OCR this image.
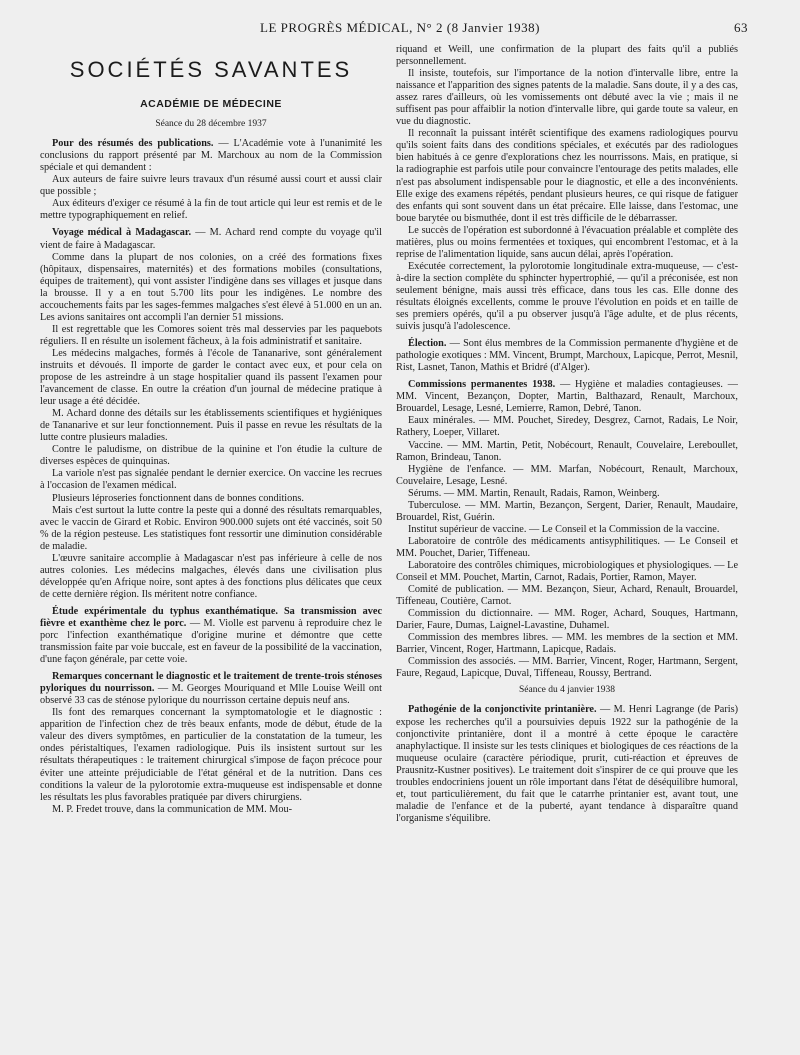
LE PROGRÈS MÉDICAL, N° 2 (8 Janvier 1938)	63
SOCIÉTÉS SAVANTES
ACADÉMIE DE MÉDECINE
Séance du 28 décembre 1937

Pour des résumés des publications. — L'Académie vote à l'unanimité les conclusions du rapport présenté par M. Marchoux au nom de la Commission spéciale et qui demandent :

Aux auteurs de faire suivre leurs travaux d'un résumé aussi court et aussi clair que possible ;

Aux éditeurs d'exiger ce résumé à la fin de tout article qui leur est remis et de le mettre typographiquement en relief.

Voyage médical à Madagascar. — M. Achard rend compte du voyage qu'il vient de faire à Madagascar.

Comme dans la plupart de nos colonies, on a créé des formations fixes (hôpitaux, dispensaires, maternités) et des formations mobiles (consultations, équipes de traitement), qui vont assister l'indigène dans ses villages et jusque dans la brousse. Il y a en tout 5.700 lits pour les indigènes. Le nombre des accouchements faits par les sages-femmes malgaches s'est élevé à 51.000 en un an. Les avions sanitaires ont accompli l'an dernier 51 missions.

Il est regrettable que les Comores soient très mal desservies par les paquebots réguliers. Il en résulte un isolement fâcheux, à la fois administratif et sanitaire.

Les médecins malgaches, formés à l'école de Tananarive, sont généralement instruits et dévoués. Il importe de garder le contact avec eux, et pour cela on propose de les astreindre à un stage hospitalier quand ils passent l'examen pour l'avancement de classe. En outre la création d'un journal de médecine pratique à leur usage a été décidée.

M. Achard donne des détails sur les établissements scientifiques et hygiéniques de Tananarive et sur leur fonctionnement. Puis il passe en revue les résultats de la lutte contre plusieurs maladies.

Contre le paludisme, on distribue de la quinine et l'on étudie la culture de diverses espèces de quinquinas.

La variole n'est pas signalée pendant le dernier exercice. On vaccine les recrues à l'occasion de l'examen médical.

Plusieurs léproseries fonctionnent dans de bonnes conditions.

Mais c'est surtout la lutte contre la peste qui a donné des résultats remarquables, avec le vaccin de Girard et Robic. Environ 900.000 sujets ont été vaccinés, soit 50 % de la région pesteuse. Les statistiques font ressortir une diminution considérable de maladie.

L'œuvre sanitaire accomplie à Madagascar n'est pas inférieure à celle de nos autres colonies. Les médecins malgaches, élevés dans une civilisation plus développée qu'en Afrique noire, sont aptes à des fonctions plus délicates que ceux de cette dernière région. Ils méritent notre confiance.

Étude expérimentale du typhus exanthématique. Sa transmission avec fièvre et exanthème chez le porc. — M. Violle est parvenu à reproduire chez le porc l'infection exanthématique d'origine murine et démontre que cette transmission faite par voie buccale, est en faveur de la possibilité de la vaccination, d'une façon générale, par cette voie.

Remarques concernant le diagnostic et le traitement de trente-trois sténoses pyloriques du nourrisson. — M. Georges Mouriquand et Mlle Louise Weill ont observé 33 cas de sténose pylorique du nourrisson certaine depuis neuf ans.

Ils font des remarques concernant la symptomatologie et le diagnostic : apparition de l'infection chez de très beaux enfants, mode de début, étude de la valeur des divers symptômes, en particulier de la constatation de la tumeur, les ondes péristaltiques, l'examen radiologique. Puis ils insistent surtout sur les résultats thérapeutiques : le traitement chirurgical s'impose de façon précoce pour éviter une atteinte préjudiciable de l'état général et de la nutrition. Dans ces conditions la valeur de la pylorotomie extra-muqueuse est indispensable et donne les résultats les plus favorables pratiquée par divers chirurgiens.

M. P. Fredet trouve, dans la communication de MM. Mou-

riquand et Weill, une confirmation de la plupart des faits qu'il a publiés personnellement.

Il insiste, toutefois, sur l'importance de la notion d'intervalle libre, entre la naissance et l'apparition des signes patents de la maladie. Sans doute, il y a des cas, assez rares d'ailleurs, où les vomissements ont débuté avec la vie ; mais il ne suffisent pas pour affaiblir la notion d'intervalle libre, qui garde toute sa valeur, en vue du diagnostic.

Il reconnaît la puissant intérêt scientifique des examens radiologiques pourvu qu'ils soient faits dans des conditions spéciales, et exécutés par des radiologues bien habitués à ce genre d'explorations chez les nourrissons. Mais, en pratique, si la radiographie est parfois utile pour convaincre l'entourage des petits malades, elle n'est pas absolument indispensable pour le diagnostic, et elle a des inconvénients. Elle exige des examens répétés, pendant plusieurs heures, ce qui risque de fatiguer des enfants qui sont souvent dans un état précaire. Elle laisse, dans l'estomac, une boue barytée ou bismuthée, dont il est très difficile de le débarrasser.

Le succès de l'opération est subordonné à l'évacuation préalable et complète des matières, plus ou moins fermentées et toxiques, qui encombrent l'estomac, et à la reprise de l'alimentation liquide, sans aucun délai, après l'opération.

Exécutée correctement, la pylorotomie longitudinale extra-muqueuse, — c'est-à-dire la section complète du sphincter hypertrophié, — qu'il a préconisée, est non seulement bénigne, mais aussi très efficace, dans tous les cas. Elle donne des résultats éloignés excellents, comme le prouve l'évolution en poids et en taille de ses premiers opérés, qu'il a pu observer jusqu'à l'âge adulte, et de plus récents, suivis jusqu'à l'adolescence.

Élection. — Sont élus membres de la Commission permanente d'hygiène et de pathologie exotiques : MM. Vincent, Brumpt, Marchoux, Lapicque, Perrot, Mesnil, Rist, Lasnet, Tanon, Mathis et Bridré (d'Alger).

Commissions permanentes 1938. — Hygiène et maladies contagieuses. — MM. Vincent, Bezançon, Dopter, Martin, Balthazard, Renault, Marchoux, Brouardel, Lesage, Lesné, Lemierre, Ramon, Debré, Tanon.

Eaux minérales. — MM. Pouchet, Siredey, Desgrez, Carnot, Radais, Le Noir, Rathery, Loeper, Villaret.

Vaccine. — MM. Martin, Petit, Nobécourt, Renault, Couvelaire, Lereboullet, Ramon, Brindeau, Tanon.

Hygiène de l'enfance. — MM. Marfan, Nobécourt, Renault, Marchoux, Couvelaire, Lesage, Lesné.

Sérums. — MM. Martin, Renault, Radais, Ramon, Weinberg.

Tuberculose. — MM. Martin, Bezançon, Sergent, Darier, Renault, Maudaire, Brouardel, Rist, Guérin.

Institut supérieur de vaccine. — Le Conseil et la Commission de la vaccine.

Laboratoire de contrôle des médicaments antisyphilitiques. — Le Conseil et MM. Pouchet, Darier, Tiffeneau.

Laboratoire des contrôles chimiques, microbiologiques et physiologiques. — Le Conseil et MM. Pouchet, Martin, Carnot, Radais, Portier, Ramon, Mayer.

Comité de publication. — MM. Bezançon, Sieur, Achard, Renault, Brouardel, Tiffeneau, Coutière, Carnot.

Commission du dictionnaire. — MM. Roger, Achard, Souques, Hartmann, Darier, Faure, Dumas, Laignel-Lavastine, Duhamel.

Commission des membres libres. — MM. les membres de la section et MM. Barrier, Vincent, Roger, Hartmann, Lapicque, Radais.

Commission des associés. — MM. Barrier, Vincent, Roger, Hartmann, Sergent, Faure, Regaud, Lapicque, Duval, Tiffeneau, Roussy, Bertrand.

Séance du 4 janvier 1938

Pathogénie de la conjonctivite printanière. — M. Henri Lagrange (de Paris) expose les recherches qu'il a poursuivies depuis 1922 sur la pathogénie de la conjonctivite printanière, dont il a montré à cette époque le caractère anaphylactique. Il insiste sur les tests cliniques et biologiques de ces réactions de la muqueuse oculaire (caractère périodique, prurit, cuti-réaction et épreuves de Prausnitz-Kustner positives). Le traitement doit s'inspirer de ce qui prouve que les troubles endocriniens jouent un rôle important dans l'état de déséquilibre humoral, et, tout particulièrement, du fait que le catarrhe printanier est, avant tout, une maladie de l'enfance et de la puberté, ayant tendance à disparaître quand l'organisme s'équilibre.
